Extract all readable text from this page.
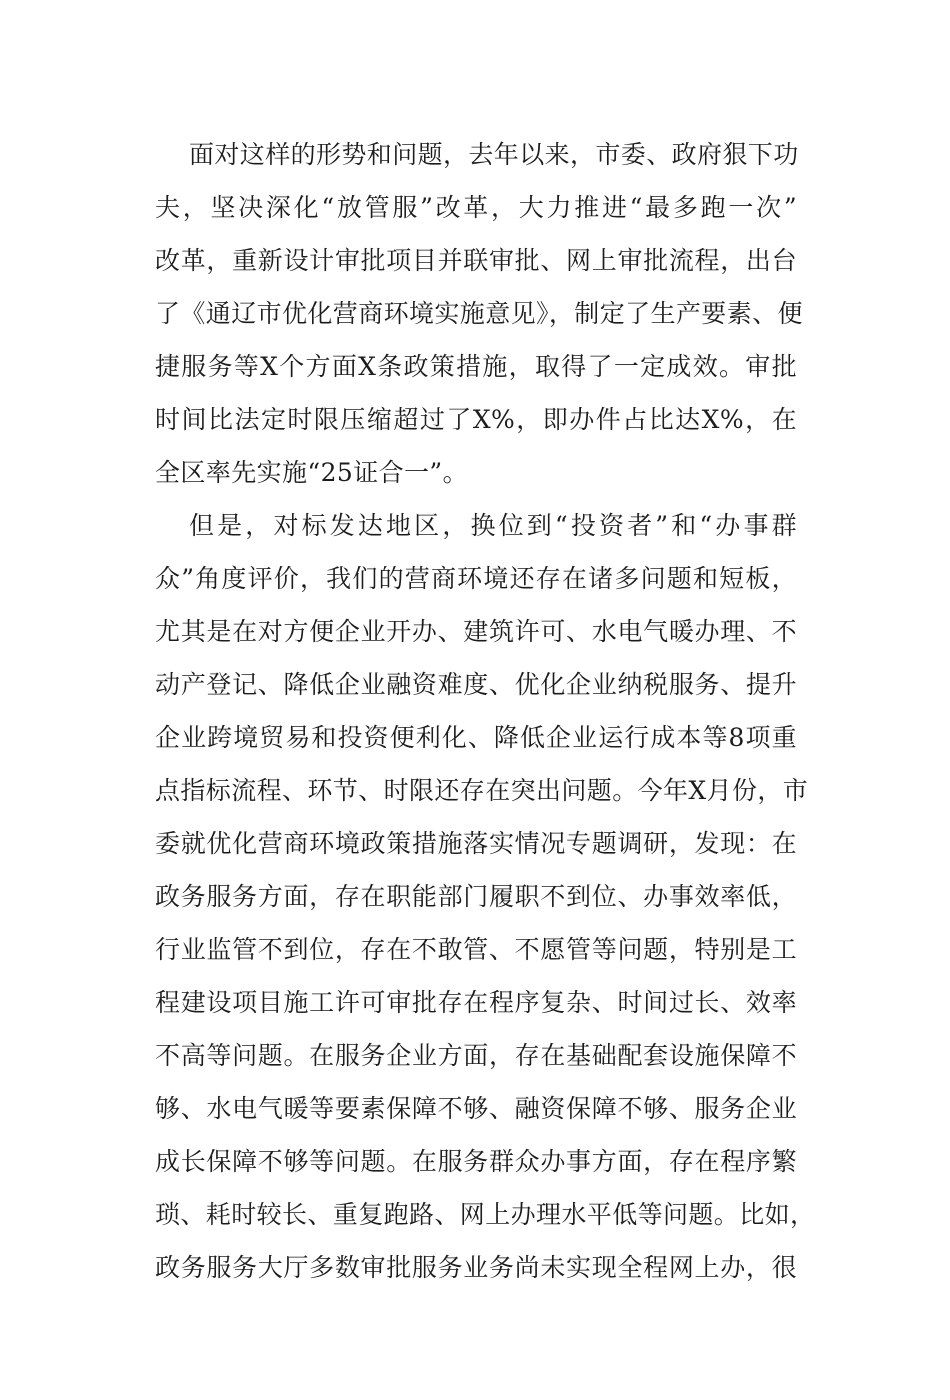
面对这样的形势和问题，去年以来，市委、政府狠下功
夫，坚决深化“放管服”改革，大力推进“最多跑一次”
改革，重新设计审批项目并联审批、网上审批流程，出台
了《通辽市优化营商环境实施意见》，制定了生产要素、便
捷服务等X个方面X条政策措施，取得了一定成效。审批
时间比法定时限压缩超过了X%，即办件占比达X%，在
全区率先实施“25证合一”。
但是，对标发达地区，换位到“投资者”和“办事群
众”角度评价，我们的营商环境还存在诸多问题和短板，
尤其是在对方便企业开办、建筑许可、水电气暖办理、不
动产登记、降低企业融资难度、优化企业纳税服务、提升
企业跨境贸易和投资便利化、降低企业运行成本等8项重
点指标流程、环节、时限还存在突出问题。今年X月份，市
委就优化营商环境政策措施落实情况专题调研，发现：在
政务服务方面，存在职能部门履职不到位、办事效率低，
行业监管不到位，存在不敢管、不愿管等问题，特别是工
程建设项目施工许可审批存在程序复杂、时间过长、效率
不高等问题。在服务企业方面，存在基础配套设施保障不
够、水电气暖等要素保障不够、融资保障不够、服务企业
成长保障不够等问题。在服务群众办事方面，存在程序繁
琐、耗时较长、重复跑路、网上办理水平低等问题。比如，
政务服务大厅多数审批服务业务尚未实现全程网上办，很
